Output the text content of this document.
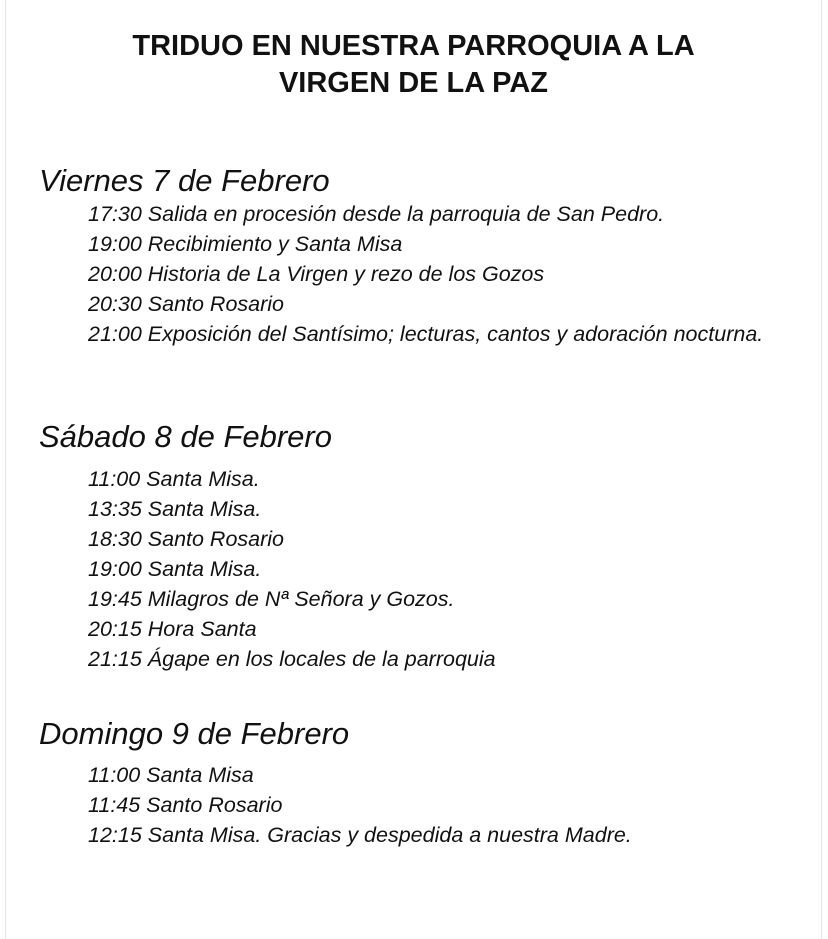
TRIDUO EN NUESTRA PARROQUIA A LA
VIRGEN DE LA PAZ
Viernes 7 de Febrero
17:30 Salida en procesión desde la parroquia de San Pedro.
19:00 Recibimiento y Santa Misa
20:00 Historia de La Virgen y rezo de los Gozos
20:30 Santo Rosario
21:00 Exposición del Santísimo; lecturas, cantos y adoración nocturna.
Sábado 8 de Febrero
11:00 Santa Misa.
13:35 Santa Misa.
18:30 Santo Rosario
19:00 Santa Misa.
19:45 Milagros de Nª Señora y Gozos.
20:15 Hora Santa
21:15 Ágape en los locales de la parroquia
Domingo 9 de Febrero
11:00 Santa Misa
11:45 Santo Rosario
12:15 Santa Misa. Gracias y despedida a nuestra Madre.
